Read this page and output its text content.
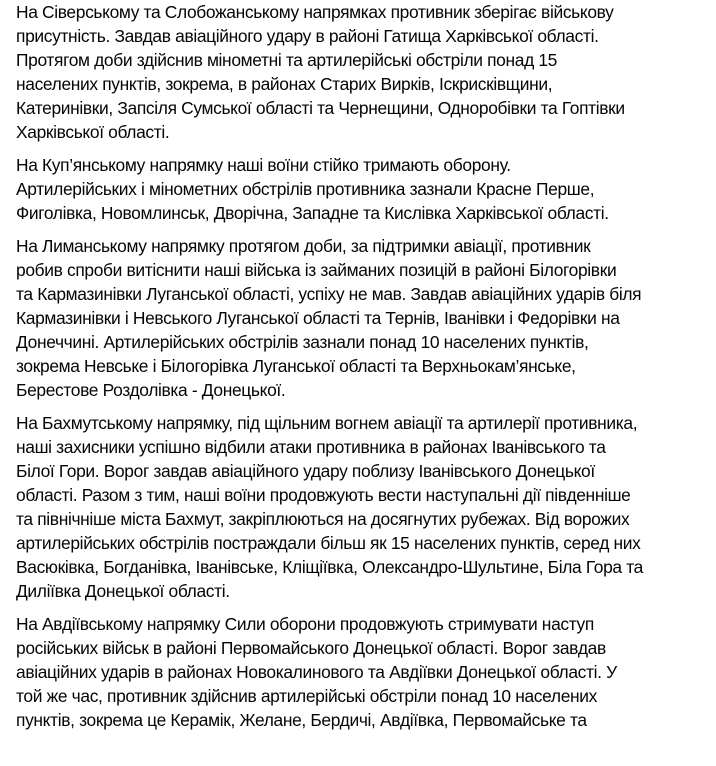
На Сіверському та Слобожанському напрямках противник зберігає військову
присутність. Завдав авіаційного удару в районі Гатища Харківської області.
Протягом доби здійснив мінометні та артилерійські обстріли понад 15
населених пунктів, зокрема, в районах Старих Вирків, Іскрисківщини,
Катеринівки, Запсіля Сумської області та Чернещини, Одноробівки та Гоптівки
Харківської області.
На Куп’янському напрямку наші воїни стійко тримають оборону.
Артилерійських і мінометних обстрілів противника зазнали Красне Перше,
Фиголівка, Новомлинськ, Дворічна, Западне та Кислівка Харківської області.
На Лиманському напрямку протягом доби, за підтримки авіації, противник
робив спроби витіснити наші війська із займаних позицій в районі Білогорівки
та Кармазинівки Луганської області, успіху не мав. Завдав авіаційних ударів біля
Кармазинівки і Невського Луганської області та Тернів, Іванівки і Федорівки на
Донеччині. Артилерійських обстрілів зазнали понад 10 населених пунктів,
зокрема Невське і Білогорівка Луганської області та Верхньокам’янське,
Берестове Роздолівка - Донецької.
На Бахмутському напрямку, під щільним вогнем авіації та артилерії противника,
наші захисники успішно відбили атаки противника в районах Іванівського та
Білої Гори. Ворог завдав авіаційного удару поблизу Іванівського Донецької
області. Разом з тим, наші воїни продовжують вести наступальні дії південніше
та північніше міста Бахмут, закріплюються на досягнутих рубежах. Від ворожих
артилерійських обстрілів постраждали більш як 15 населених пунктів, серед них
Васюківка, Богданівка, Іванівське, Кліщіївка, Олександро-Шультине, Біла Гора та
Диліївка Донецької області.
На Авдіївському напрямку Сили оборони продовжують стримувати наступ
російських військ в районі Первомайського Донецької області. Ворог завдав
авіаційних ударів в районах Новокалинового та Авдіївки Донецької області. У
той же час, противник здійснив артилерійські обстріли понад 10 населених
пунктів, зокрема це Керамік, Желане, Бердичі, Авдіївка, Первомайське та
